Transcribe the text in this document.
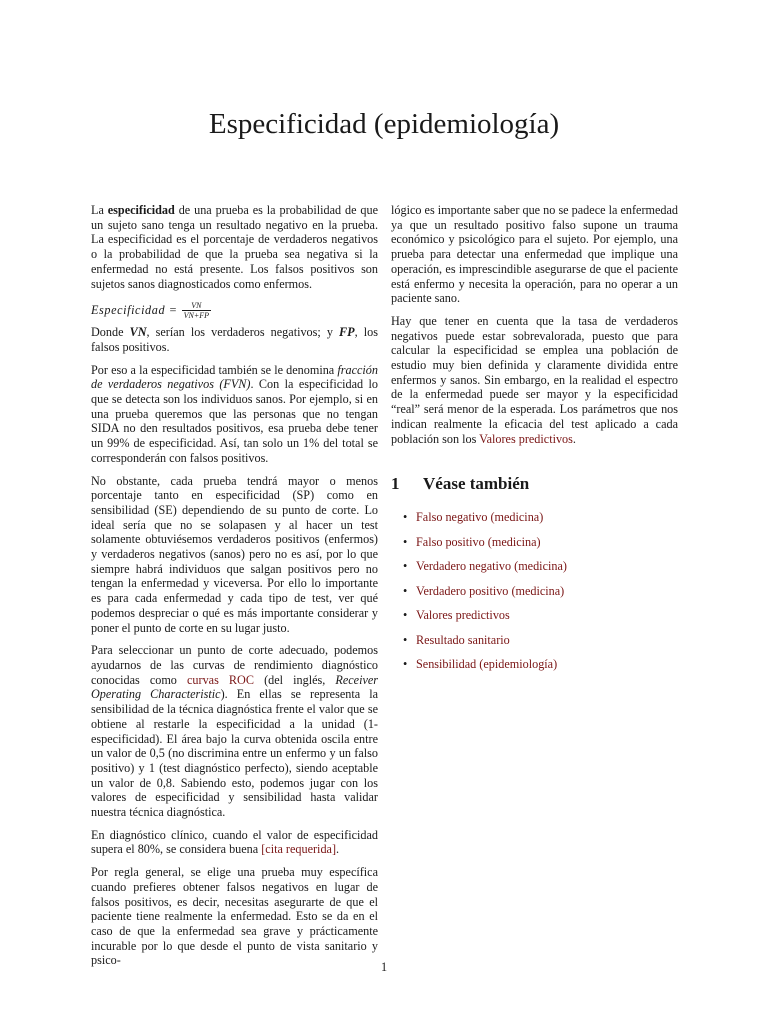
Especificidad (epidemiología)

La especificidad de una prueba es la probabilidad de que un sujeto sano tenga un resultado negativo en la prueba. La especificidad es el porcentaje de verdaderos negativos o la probabilidad de que la prueba sea negativa si la enfermedad no está presente. Los falsos positivos son sujetos sanos diagnosticados como enfermos.

Especificidad = $\frac{VN}{VN+FP}$

Donde VN, serían los verdaderos negativos; y FP, los falsos positivos.

Por eso a la especificidad también se le denomina fracción de verdaderos negativos (FVN). Con la especificidad lo que se detecta son los individuos sanos. Por ejemplo, si en una prueba queremos que las personas que no tengan SIDA no den resultados positivos, esa prueba debe tener un 99% de especificidad. Así, tan solo un 1% del total se corresponderán con falsos positivos.

No obstante, cada prueba tendrá mayor o menos porcentaje tanto en especificidad (SP) como en sensibilidad (SE) dependiendo de su punto de corte. Lo ideal sería que no se solapasen y al hacer un test solamente obtuviésemos verdaderos positivos (enfermos) y verdaderos negativos (sanos) pero no es así, por lo que siempre habrá individuos que salgan positivos pero no tengan la enfermedad y viceversa. Por ello lo importante es para cada enfermedad y cada tipo de test, ver qué podemos despreciar o qué es más importante considerar y poner el punto de corte en su lugar justo.

Para seleccionar un punto de corte adecuado, podemos ayudarnos de las curvas de rendimiento diagnóstico conocidas como curvas ROC (del inglés, Receiver Operating Characteristic). En ellas se representa la sensibilidad de la técnica diagnóstica frente el valor que se obtiene al restarle la especificidad a la unidad (1-especificidad). El área bajo la curva obtenida oscila entre un valor de 0,5 (no discrimina entre un enfermo y un falso positivo) y 1 (test diagnóstico perfecto), siendo aceptable un valor de 0,8. Sabiendo esto, podemos jugar con los valores de especificidad y sensibilidad hasta validar nuestra técnica diagnóstica.

En diagnóstico clínico, cuando el valor de especificidad supera el 80%, se considera buena [cita requerida].

Por regla general, se elige una prueba muy específica cuando prefieres obtener falsos negativos en lugar de falsos positivos, es decir, necesitas asegurarte de que el paciente tiene realmente la enfermedad. Esto se da en el caso de que la enfermedad sea grave y prácticamente incurable por lo que desde el punto de vista sanitario y psico-

lógico es importante saber que no se padece la enfermedad ya que un resultado positivo falso supone un trauma económico y psicológico para el sujeto. Por ejemplo, una prueba para detectar una enfermedad que implique una operación, es imprescindible asegurarse de que el paciente está enfermo y necesita la operación, para no operar a un paciente sano.

Hay que tener en cuenta que la tasa de verdaderos negativos puede estar sobrevalorada, puesto que para calcular la especificidad se emplea una población de estudio muy bien definida y claramente dividida entre enfermos y sanos. Sin embargo, en la realidad el espectro de la enfermedad puede ser mayor y la especificidad “real” será menor de la esperada. Los parámetros que nos indican realmente la eficacia del test aplicado a cada población son los Valores predictivos.

1	Véase también
• Falso negativo (medicina)
• Falso positivo (medicina)
• Verdadero negativo (medicina)
• Verdadero positivo (medicina)
• Valores predictivos
• Resultado sanitario
• Sensibilidad (epidemiología)
1
